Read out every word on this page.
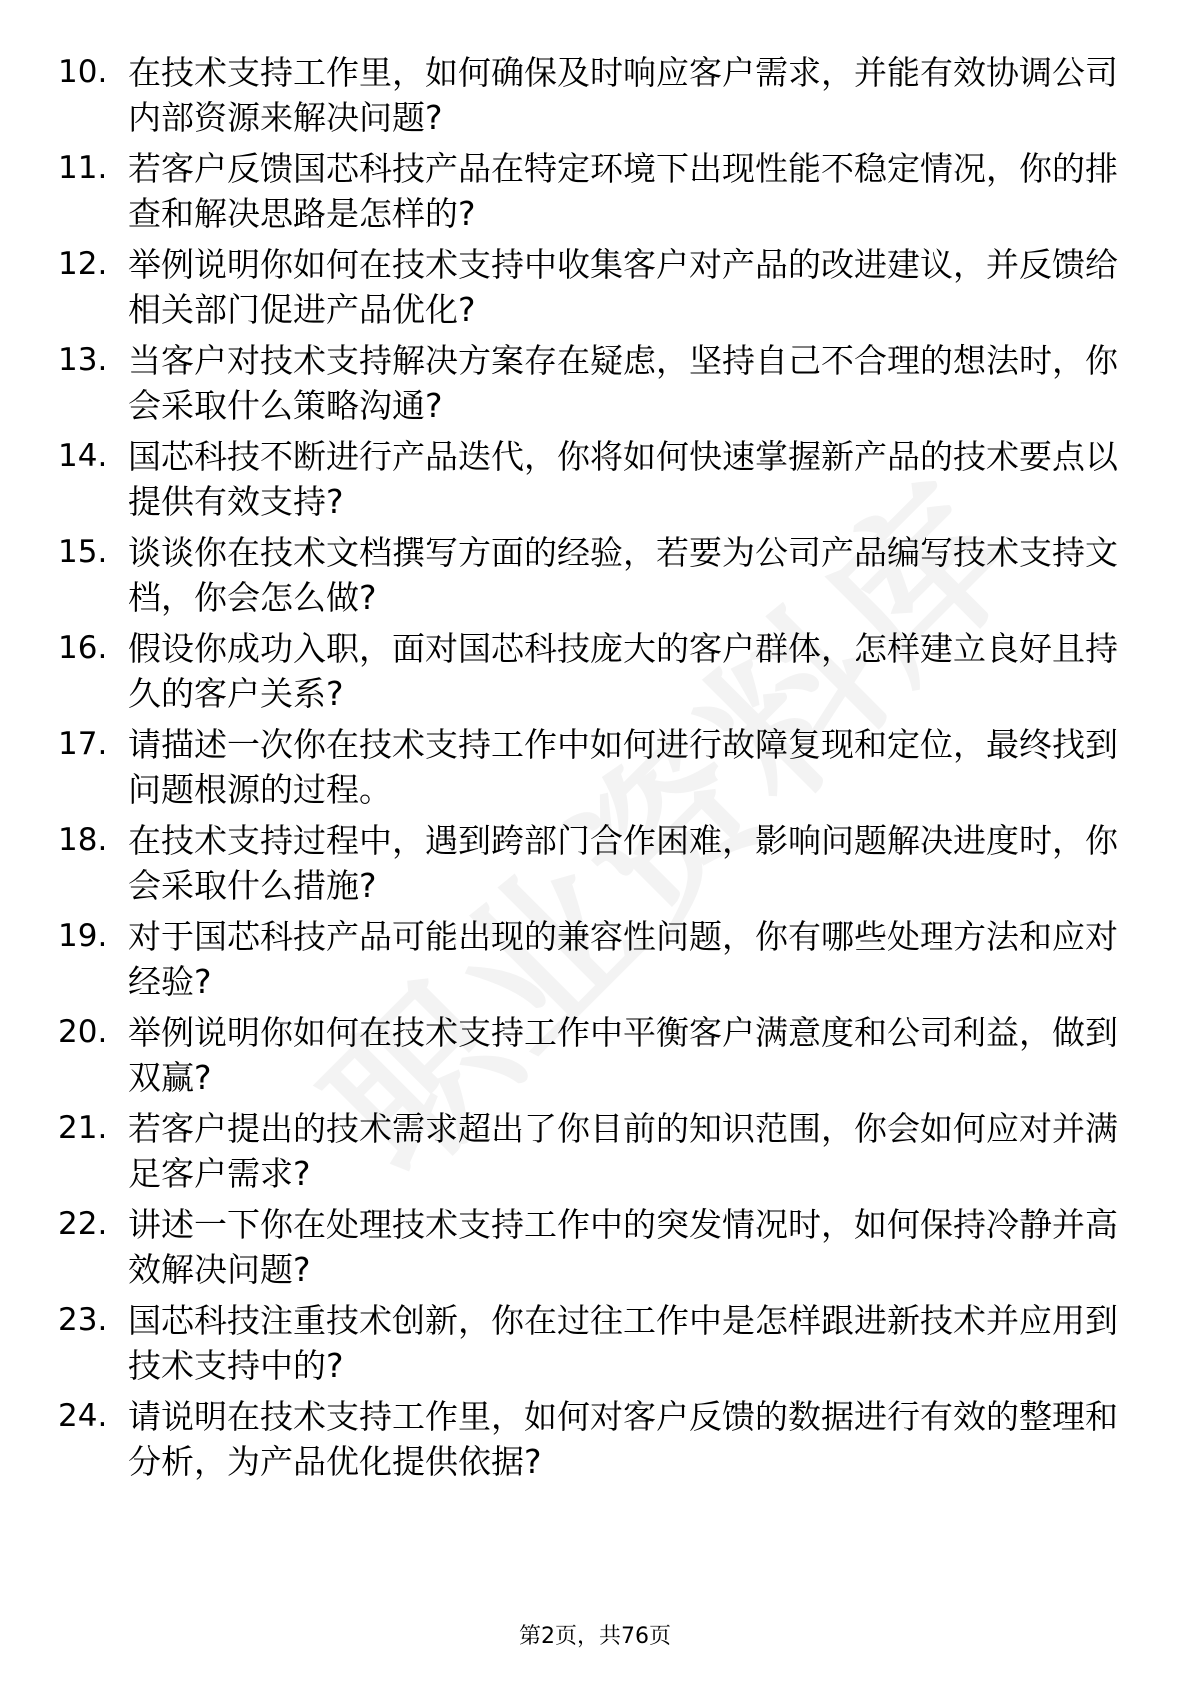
10. 在技术支持工作里，如何确保及时响应客户需求，并能有效协调公司内部资源来解决问题?
11. 若客户反馈国芯科技产品在特定环境下出现性能不稳定情况，你的排查和解决思路是怎样的?
12. 举例说明你如何在技术支持中收集客户对产品的改进建议，并反馈给相关部门促进产品优化?
13. 当客户对技术支持解决方案存在疑虑，坚持自己不合理的想法时，你会采取什么策略沟通?
14. 国芯科技不断进行产品迭代，你将如何快速掌握新产品的技术要点以提供有效支持?
15. 谈谈你在技术文档撰写方面的经验，若要为公司产品编写技术支持文档，你会怎么做?
16. 假设你成功入职，面对国芯科技庞大的客户群体，怎样建立良好且持久的客户关系?
17. 请描述一次你在技术支持工作中如何进行故障复现和定位，最终找到问题根源的过程。
18. 在技术支持过程中，遇到跨部门合作困难，影响问题解决进度时，你会采取什么措施?
19. 对于国芯科技产品可能出现的兼容性问题，你有哪些处理方法和应对经验?
20. 举例说明你如何在技术支持工作中平衡客户满意度和公司利益，做到双赢?
21. 若客户提出的技术需求超出了你目前的知识范围，你会如何应对并满足客户需求?
22. 讲述一下你在处理技术支持工作中的突发情况时，如何保持冷静并高效解决问题?
23. 国芯科技注重技术创新，你在过往工作中是怎样跟进新技术并应用到技术支持中的?
24. 请说明在技术支持工作里，如何对客户反馈的数据进行有效的整理和分析，为产品优化提供依据?
第2页，共76页
